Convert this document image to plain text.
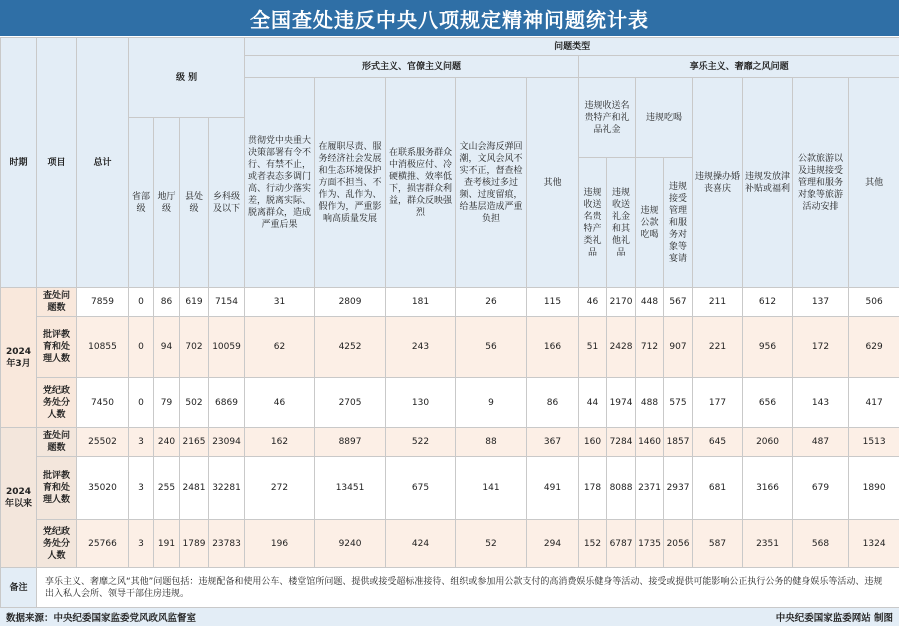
全国查处违反中央八项规定精神问题统计表
时期	项目	总计	级 别				问题类型												
							形式主义、官僚主义问题					享乐主义、奢靡之风问题							
							贯彻党中央重大决策部署有令不行、有禁不止，或者表态多调门高、行动少落实差，脱离实际、脱离群众，造成严重后果	在履职尽责、服务经济社会发展和生态环境保护方面不担当、不作为、乱作为、假作为，严重影响高质量发展	在联系服务群众中消极应付、冷硬横推、效率低下，损害群众利益，群众反映强烈	文山会海反弹回潮，文风会风不实不正，督查检查考核过多过频、过度留痕，给基层造成严重负担	其他	违规收送名贵特产和礼品礼金		违规吃喝		违规操办婚丧喜庆	违规发放津补贴或福利	公款旅游以及违规接受管理和服务对象等旅游活动安排	其他
			省部级	地厅级	县处级	乡科级及以下													
												违规收送名贵特产类礼品	违规收送礼金和其他礼品	违规公款吃喝	违规接受管理和服务对象等宴请				
2024年3月	查处问题数	7859	0	86	619	7154	31	2809	181	26	115	46	2170	448	567	211	612	137	506
	批评教育和处理人数	10855	0	94	702	10059	62	4252	243	56	166	51	2428	712	907	221	956	172	629
	党纪政务处分人数	7450	0	79	502	6869	46	2705	130	9	86	44	1974	488	575	177	656	143	417
2024年以来	查处问题数	25502	3	240	2165	23094	162	8897	522	88	367	160	7284	1460	1857	645	2060	487	1513
	批评教育和处理人数	35020	3	255	2481	32281	272	13451	675	141	491	178	8088	2371	2937	681	3166	679	1890
	党纪政务处分人数	25766	3	191	1789	23783	196	9240	424	52	294	152	6787	1735	2056	587	2351	568	1324
备注	享乐主义、奢靡之风“其他”问题包括：违规配备和使用公车、楼堂馆所问题、提供或接受超标准接待、组织或参加用公款支付的高消费娱乐健身等活动、接受或提供可能影响公正执行公务的健身娱乐等活动、违规出入私人会所、领导干部住房违规。																		
数据来源：中央纪委国家监委党风政风监督室	中央纪委国家监委网站 制图
